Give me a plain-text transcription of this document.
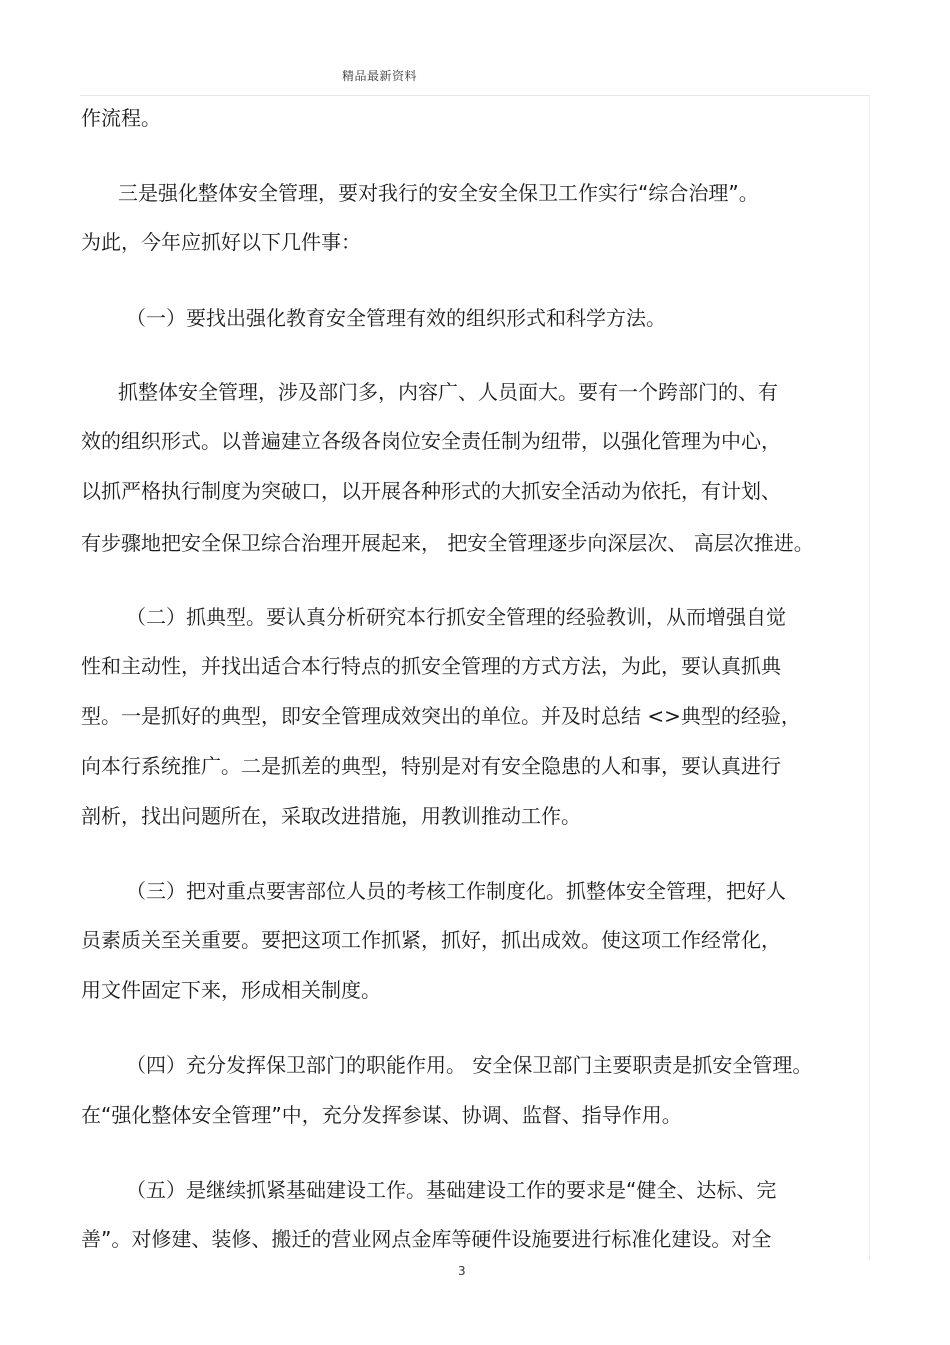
精品最新资料
作流程。
三是强化整体安全管理，要对我行的安全安全保卫工作实行“综合治理”。
为此，今年应抓好以下几件事：
（一）要找出强化教育安全管理有效的组织形式和科学方法。
抓整体安全管理，涉及部门多，内容广、人员面大。要有一个跨部门的、有
效的组织形式。以普遍建立各级各岗位安全责任制为纽带，以强化管理为中心，
以抓严格执行制度为突破口，以开展各种形式的大抓安全活动为依托，有计划、
有步骤地把安全保卫综合治理开展起来， 把安全管理逐步向深层次、 高层次推进。
（二）抓典型。要认真分析研究本行抓安全管理的经验教训，从而增强自觉
性和主动性，并找出适合本行特点的抓安全管理的方式方法，为此，要认真抓典
型。一是抓好的典型，即安全管理成效突出的单位。并及时总结 <>典型的经验，
向本行系统推广。二是抓差的典型，特别是对有安全隐患的人和事，要认真进行
剖析，找出问题所在，采取改进措施，用教训推动工作。
（三）把对重点要害部位人员的考核工作制度化。抓整体安全管理，把好人
员素质关至关重要。要把这项工作抓紧，抓好，抓出成效。使这项工作经常化，
用文件固定下来，形成相关制度。
（四）充分发挥保卫部门的职能作用。 安全保卫部门主要职责是抓安全管理。
在“强化整体安全管理”中，充分发挥参谋、协调、监督、指导作用。
（五）是继续抓紧基础建设工作。基础建设工作的要求是“健全、达标、完
善”。对修建、装修、搬迁的营业网点金库等硬件设施要进行标准化建设。对全
3
